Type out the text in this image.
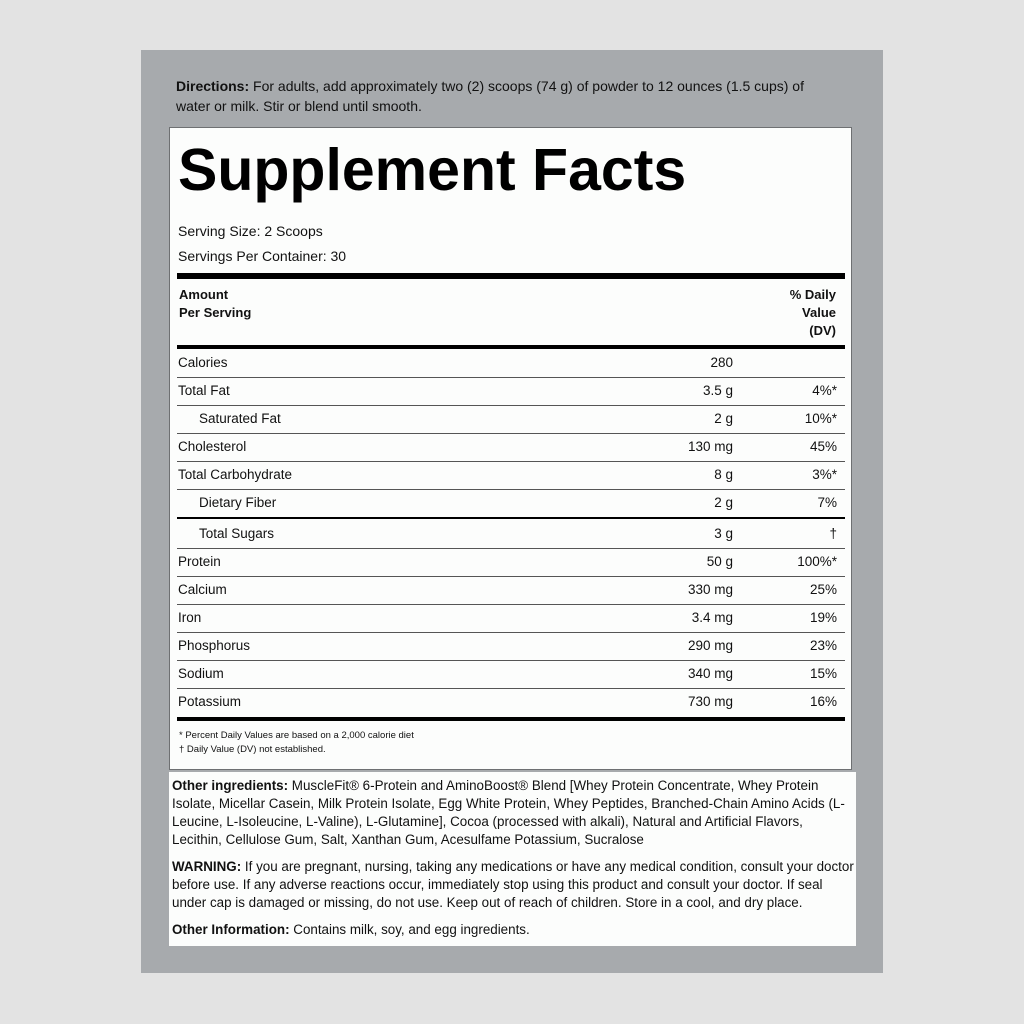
Directions: For adults, add approximately two (2) scoops (74 g) of powder to 12 ounces (1.5 cups) of water or milk. Stir or blend until smooth.
Supplement Facts
Serving Size: 2 Scoops
Servings Per Container: 30
Amount
Per Serving
% Daily
Value
(DV)
Calories	280
Total Fat	3.5 g	4%*
Saturated Fat	2 g	10%*
Cholesterol	130 mg	45%
Total Carbohydrate	8 g	3%*
Dietary Fiber	2 g	7%
Total Sugars	3 g	†
Protein	50 g	100%*
Calcium	330 mg	25%
Iron	3.4 mg	19%
Phosphorus	290 mg	23%
Sodium	340 mg	15%
Potassium	730 mg	16%
* Percent Daily Values are based on a 2,000 calorie diet
† Daily Value (DV) not established.
Other ingredients: MuscleFit® 6-Protein and AminoBoost® Blend [Whey Protein Concentrate, Whey Protein Isolate, Micellar Casein, Milk Protein Isolate, Egg White Protein, Whey Peptides, Branched-Chain Amino Acids (L-Leucine, L-Isoleucine, L-Valine), L-Glutamine], Cocoa (processed with alkali), Natural and Artificial Flavors, Lecithin, Cellulose Gum, Salt, Xanthan Gum, Acesulfame Potassium, Sucralose
WARNING: If you are pregnant, nursing, taking any medications or have any medical condition, consult your doctor before use. If any adverse reactions occur, immediately stop using this product and consult your doctor. If seal under cap is damaged or missing, do not use. Keep out of reach of children. Store in a cool, and dry place.
Other Information: Contains milk, soy, and egg ingredients.
